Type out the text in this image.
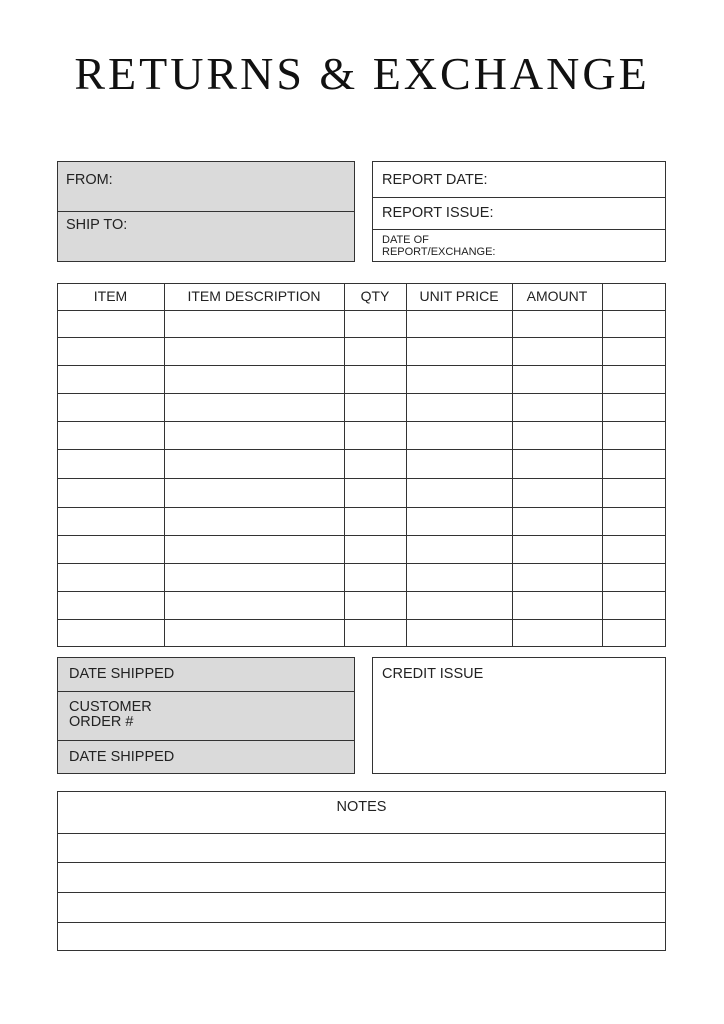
RETURNS & EXCHANGE
FROM:
SHIP TO:
REPORT DATE:
REPORT ISSUE:
DATE OF
REPORT/EXCHANGE:
ITEM	ITEM DESCRIPTION	QTY	UNIT PRICE	AMOUNT
DATE SHIPPED
CUSTOMER
ORDER #
DATE SHIPPED
CREDIT ISSUE
NOTES
